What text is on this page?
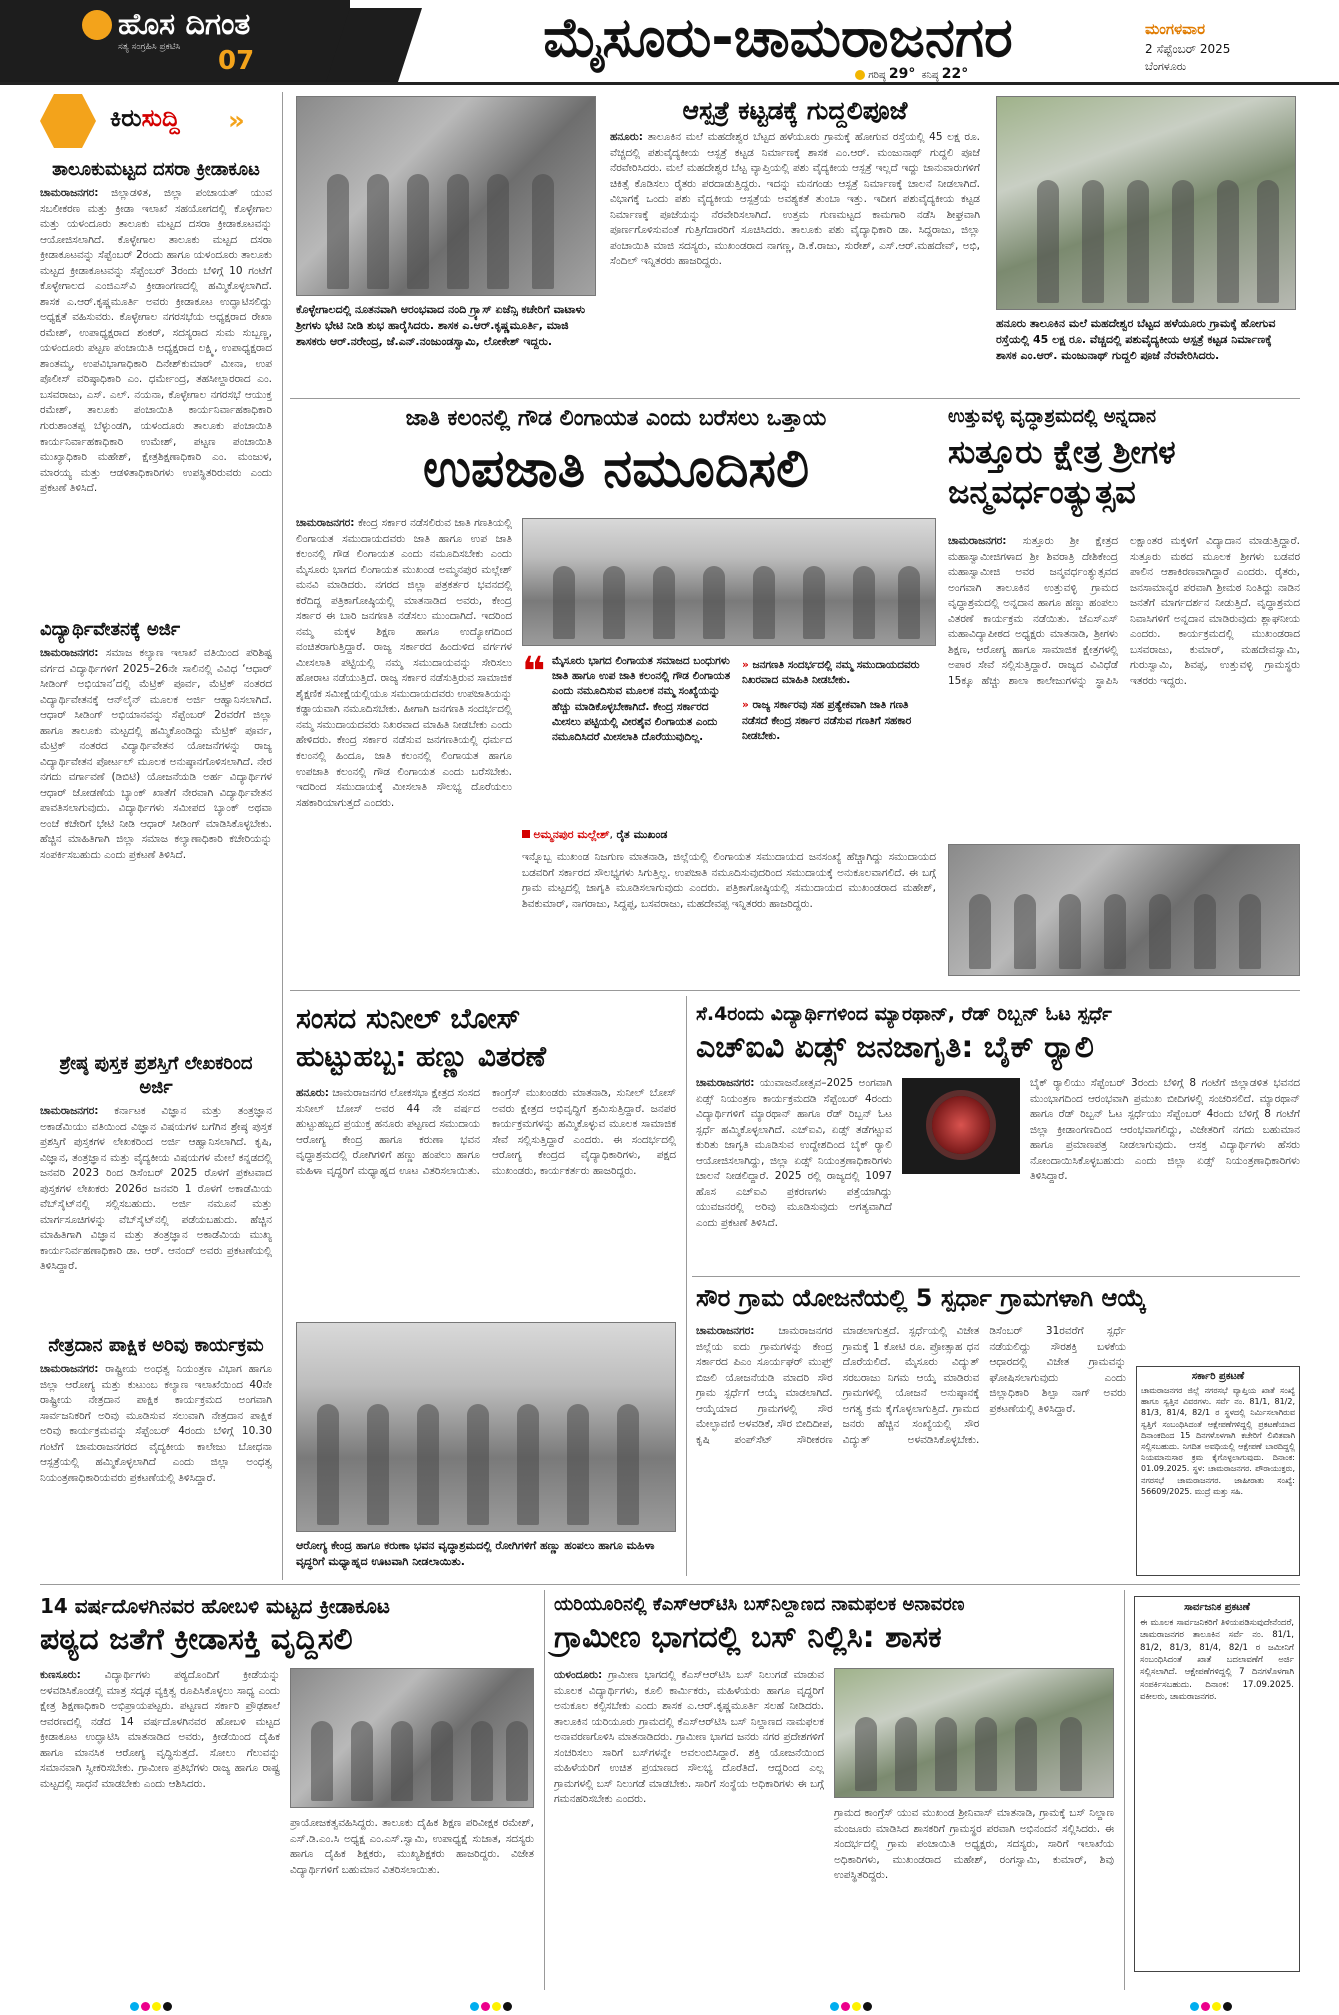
ಹೊಸ ದಿಗಂತ
ಸತ್ಯ ಸಂಗ್ರಹಿಸಿ ಪ್ರಕಟಿಸಿ 07	ಮೈಸೂರು-ಚಾಮರಾಜನಗರ	ಮಂಗಳವಾರ
2 ಸೆಪ್ಟೆಂಬರ್ 2025
ಬೆಂಗಳೂರು
ಗರಿಷ್ಠ 29° ಕನಿಷ್ಠ 22°
ಕಿರುಸುದ್ದಿ »
ತಾಲೂಕುಮಟ್ಟದ ದಸರಾ ಕ್ರೀಡಾಕೂಟ
ಚಾಮರಾಜನಗರ: ಜಿಲ್ಲಾಡಳಿತ, ಜಿಲ್ಲಾ ಪಂಚಾಯತ್ ಯುವ ಸಬಲೀಕರಣ ಮತ್ತು ಕ್ರೀಡಾ ಇಲಾಖೆ ಸಹಯೋಗದಲ್ಲಿ ಕೊಳ್ಳೇಗಾಲ ಮತ್ತು ಯಳಂದೂರು ತಾಲೂಕು ಮಟ್ಟದ ದಸರಾ ಕ್ರೀಡಾಕೂಟವನ್ನು ಆಯೋಜಿಸಲಾಗಿದೆ. ಕೊಳ್ಳೇಗಾಲ ತಾಲೂಕು ಮಟ್ಟದ ದಸರಾ ಕ್ರೀಡಾಕೂಟವನ್ನು ಸೆಪ್ಟೆಂಬರ್ 2ರಂದು ಹಾಗೂ ಯಳಂದೂರು ತಾಲೂಕು ಮಟ್ಟದ ಕ್ರೀಡಾಕೂಟವನ್ನು ಸೆಪ್ಟೆಂಬರ್ 3ರಂದು ಬೆಳಿಗ್ಗೆ 10 ಗಂಟೆಗೆ ಕೊಳ್ಳೇಗಾಲದ ಎಂಜಿಎಸ್‌ವಿ ಕ್ರೀಡಾಂಗಣದಲ್ಲಿ ಹಮ್ಮಿಕೊಳ್ಳಲಾಗಿದೆ. ಶಾಸಕ ಎ.ಆರ್.ಕೃಷ್ಣಮೂರ್ತಿ ಅವರು ಕ್ರೀಡಾಕೂಟ ಉದ್ಘಾಟಿಸಲಿದ್ದು ಅಧ್ಯಕ್ಷತೆ ವಹಿಸುವರು. ಕೊಳ್ಳೇಗಾಲ ನಗರಸಭೆಯ ಅಧ್ಯಕ್ಷರಾದ ರೇಖಾ ರಮೇಶ್, ಉಪಾಧ್ಯಕ್ಷರಾದ ಶಂಕರ್, ಸದಸ್ಯರಾದ ಸುಮ ಸುಬ್ಬಣ್ಣ, ಯಳಂದೂರು ಪಟ್ಟಣ ಪಂಚಾಯಿತಿ ಅಧ್ಯಕ್ಷರಾದ ಲಕ್ಷ್ಮಿ, ಉಪಾಧ್ಯಕ್ಷರಾದ ಶಾಂತಮ್ಮ, ಉಪವಿಭಾಗಾಧಿಕಾರಿ ದಿನೇಶ್‌ಕುಮಾರ್ ಮೀನಾ, ಉಪ ಪೊಲೀಸ್ ವರಿಷ್ಠಾಧಿಕಾರಿ ಎಂ. ಧರ್ಮೇಂದ್ರ, ತಹಸೀಲ್ದಾರರಾದ ಎಂ. ಬಸವರಾಜು, ಎಸ್. ಎಲ್. ನಯನಾ, ಕೊಳ್ಳೇಗಾಲ ನಗರಸಭೆ ಆಯುಕ್ತ ರಮೇಶ್, ತಾಲೂಕು ಪಂಚಾಯಿತಿ ಕಾರ್ಯನಿರ್ವಾಹಕಾಧಿಕಾರಿ ಗುರುಶಾಂತಪ್ಪ ಬೆಳ್ಳುಂಡಗಿ, ಯಳಂದೂರು ತಾಲೂಕು ಪಂಚಾಯಿತಿ ಕಾರ್ಯನಿರ್ವಾಹಕಾಧಿಕಾರಿ ಉಮೇಶ್, ಪಟ್ಟಣ ಪಂಚಾಯಿತಿ ಮುಖ್ಯಾಧಿಕಾರಿ ಮಹೇಶ್, ಕ್ಷೇತ್ರಶಿಕ್ಷಣಾಧಿಕಾರಿ ಎಂ. ಮಂಜುಳ, ಮಾರಯ್ಯ ಮತ್ತು ಆಡಳಿತಾಧಿಕಾರಿಗಳು ಉಪಸ್ಥಿತರಿರುವರು ಎಂದು ಪ್ರಕಟಣೆ ತಿಳಿಸಿದೆ.
ವಿದ್ಯಾರ್ಥಿವೇತನಕ್ಕೆ ಅರ್ಜಿ
ಚಾಮರಾಜನಗರ: ಸಮಾಜ ಕಲ್ಯಾಣ ಇಲಾಖೆ ವತಿಯಿಂದ ಪರಿಶಿಷ್ಟ ವರ್ಗದ ವಿದ್ಯಾರ್ಥಿಗಳಿಗೆ 2025–26ನೇ ಸಾಲಿನಲ್ಲಿ ವಿವಿಧ ‘ಆಧಾರ್ ಸೀಡಿಂಗ್ ಅಭಿಯಾನ’ದಲ್ಲಿ ಮೆಟ್ರಿಕ್ ಪೂರ್ವ, ಮೆಟ್ರಿಕ್ ನಂತರದ ವಿದ್ಯಾರ್ಥಿವೇತನಕ್ಕೆ ಆನ್‌ಲೈನ್ ಮೂಲಕ ಅರ್ಜಿ ಆಹ್ವಾನಿಸಲಾಗಿದೆ. ಆಧಾರ್ ಸೀಡಿಂಗ್ ಅಭಿಯಾನವನ್ನು ಸೆಪ್ಟೆಂಬರ್ 2ರವರೆಗೆ ಜಿಲ್ಲಾ ಹಾಗೂ ತಾಲೂಕು ಮಟ್ಟದಲ್ಲಿ ಹಮ್ಮಿಕೊಂಡಿದ್ದು ಮೆಟ್ರಿಕ್ ಪೂರ್ವ, ಮೆಟ್ರಿಕ್ ನಂತರದ ವಿದ್ಯಾರ್ಥಿವೇತನ ಯೋಜನೆಗಳನ್ನು ರಾಜ್ಯ ವಿದ್ಯಾರ್ಥಿವೇತನ ಪೋರ್ಟಲ್ ಮೂಲಕ ಅನುಷ್ಠಾನಗೊಳಿಸಲಾಗಿದೆ. ನೇರ ನಗದು ವರ್ಗಾವಣೆ (ಡಿಬಿಟಿ) ಯೋಜನೆಯಡಿ ಅರ್ಹ ವಿದ್ಯಾರ್ಥಿಗಳ ಆಧಾರ್ ಜೋಡಣೆಯ ಬ್ಯಾಂಕ್ ಖಾತೆಗೆ ನೇರವಾಗಿ ವಿದ್ಯಾರ್ಥಿವೇತನ ಪಾವತಿಸಲಾಗುವುದು. ವಿದ್ಯಾರ್ಥಿಗಳು ಸಮೀಪದ ಬ್ಯಾಂಕ್ ಅಥವಾ ಅಂಚೆ ಕಚೇರಿಗೆ ಭೇಟಿ ನೀಡಿ ಆಧಾರ್ ಸೀಡಿಂಗ್ ಮಾಡಿಸಿಕೊಳ್ಳಬೇಕು. ಹೆಚ್ಚಿನ ಮಾಹಿತಿಗಾಗಿ ಜಿಲ್ಲಾ ಸಮಾಜ ಕಲ್ಯಾಣಾಧಿಕಾರಿ ಕಚೇರಿಯನ್ನು ಸಂಪರ್ಕಿಸಬಹುದು ಎಂದು ಪ್ರಕಟಣೆ ತಿಳಿಸಿದೆ.
ಶ್ರೇಷ್ಠ ಪುಸ್ತಕ ಪ್ರಶಸ್ತಿಗೆ ಲೇಖಕರಿಂದ ಅರ್ಜಿ
ಚಾಮರಾಜನಗರ: ಕರ್ನಾಟಕ ವಿಜ್ಞಾನ ಮತ್ತು ತಂತ್ರಜ್ಞಾನ ಅಕಾಡೆಮಿಯು ವತಿಯಿಂದ ವಿಜ್ಞಾನ ವಿಷಯಗಳ ಬಗೆಗಿನ ಶ್ರೇಷ್ಠ ಪುಸ್ತಕ ಪ್ರಶಸ್ತಿಗೆ ಪುಸ್ತಕಗಳ ಲೇಖಕರಿಂದ ಅರ್ಜಿ ಆಹ್ವಾನಿಸಲಾಗಿದೆ. ಕೃಷಿ, ವಿಜ್ಞಾನ, ತಂತ್ರಜ್ಞಾನ ಮತ್ತು ವೈದ್ಯಕೀಯ ವಿಷಯಗಳ ಮೇಲೆ ಕನ್ನಡದಲ್ಲಿ ಜನವರಿ 2023 ರಿಂದ ಡಿಸೆಂಬರ್ 2025 ರೊಳಗೆ ಪ್ರಕಟವಾದ ಪುಸ್ತಕಗಳ ಲೇಖಕರು 2026ರ ಜನವರಿ 1 ರೊಳಗೆ ಅಕಾಡೆಮಿಯ ವೆಬ್‌ಸೈಟ್‌ನಲ್ಲಿ ಸಲ್ಲಿಸಬಹುದು. ಅರ್ಜಿ ನಮೂನೆ ಮತ್ತು ಮಾರ್ಗಸೂಚಿಗಳನ್ನು ವೆಬ್‌ಸೈಟ್‌ನಲ್ಲಿ ಪಡೆಯಬಹುದು. ಹೆಚ್ಚಿನ ಮಾಹಿತಿಗಾಗಿ ವಿಜ್ಞಾನ ಮತ್ತು ತಂತ್ರಜ್ಞಾನ ಅಕಾಡೆಮಿಯ ಮುಖ್ಯ ಕಾರ್ಯನಿರ್ವಹಣಾಧಿಕಾರಿ ಡಾ. ಆರ್. ಆನಂದ್ ಅವರು ಪ್ರಕಟಣೆಯಲ್ಲಿ ತಿಳಿಸಿದ್ದಾರೆ.
ನೇತ್ರದಾನ ಪಾಕ್ಷಿಕ ಅರಿವು ಕಾರ್ಯಕ್ರಮ
ಚಾಮರಾಜನಗರ: ರಾಷ್ಟ್ರೀಯ ಅಂಧತ್ವ ನಿಯಂತ್ರಣ ವಿಭಾಗ ಹಾಗೂ ಜಿಲ್ಲಾ ಆರೋಗ್ಯ ಮತ್ತು ಕುಟುಂಬ ಕಲ್ಯಾಣ ಇಲಾಖೆಯಿಂದ 40ನೇ ರಾಷ್ಟ್ರೀಯ ನೇತ್ರದಾನ ಪಾಕ್ಷಿಕ ಕಾರ್ಯಕ್ರಮದ ಅಂಗವಾಗಿ ಸಾರ್ವಜನಿಕರಿಗೆ ಅರಿವು ಮೂಡಿಸುವ ಸಲುವಾಗಿ ನೇತ್ರದಾನ ಪಾಕ್ಷಿಕ ಅರಿವು ಕಾರ್ಯಕ್ರಮವನ್ನು ಸೆಪ್ಟೆಂಬರ್ 4ರಂದು ಬೆಳಿಗ್ಗೆ 10.30 ಗಂಟೆಗೆ ಚಾಮರಾಜನಗರದ ವೈದ್ಯಕೀಯ ಕಾಲೇಜು ಬೋಧನಾ ಆಸ್ಪತ್ರೆಯಲ್ಲಿ ಹಮ್ಮಿಕೊಳ್ಳಲಾಗಿದೆ ಎಂದು ಜಿಲ್ಲಾ ಅಂಧತ್ವ ನಿಯಂತ್ರಣಾಧಿಕಾರಿಯವರು ಪ್ರಕಟಣೆಯಲ್ಲಿ ತಿಳಿಸಿದ್ದಾರೆ.
ಕೊಳ್ಳೇಗಾಲದಲ್ಲಿ ನೂತನವಾಗಿ ಆರಂಭವಾದ ನಂದಿ ಗ್ರ್ಯಾಸ್ ಏಜೆನ್ಸಿ ಕಚೇರಿಗೆ ವಾಟಾಳು ಶ್ರೀಗಳು ಭೇಟಿ ನೀಡಿ ಶುಭ ಹಾರೈಸಿದರು. ಶಾಸಕ ಎ.ಆರ್.ಕೃಷ್ಣಮೂರ್ತಿ, ಮಾಜಿ ಶಾಸಕರು ಆರ್.ನರೇಂದ್ರ, ಜೆ.ಎನ್.ನಂಜುಂಡಸ್ವಾಮಿ, ಲೋಕೇಶ್ ಇದ್ದರು.
ಆಸ್ಪತ್ರೆ ಕಟ್ಟಡಕ್ಕೆ ಗುದ್ದಲಿಪೂಜೆ
ಹನೂರು: ತಾಲೂಕಿನ ಮಲೆ ಮಹದೇಶ್ವರ ಬೆಟ್ಟದ ಹಳೆಯೂರು ಗ್ರಾಮಕ್ಕೆ ಹೋಗುವ ರಸ್ತೆಯಲ್ಲಿ 45 ಲಕ್ಷ ರೂ. ವೆಚ್ಚದಲ್ಲಿ ಪಶುವೈದ್ಯಕೀಯ ಆಸ್ಪತ್ರೆ ಕಟ್ಟಡ ನಿರ್ಮಾಣಕ್ಕೆ ಶಾಸಕ ಎಂ.ಆರ್. ಮಂಜುನಾಥ್ ಗುದ್ದಲಿ ಪೂಜೆ ನೆರವೇರಿಸಿದರು. ಮಲೆ ಮಹದೇಶ್ವರ ಬೆಟ್ಟ ವ್ಯಾಪ್ತಿಯಲ್ಲಿ ಪಶು ವೈದ್ಯಕೀಯ ಆಸ್ಪತ್ರೆ ಇಲ್ಲದೆ ಇದ್ದು ಜಾನುವಾರುಗಳಿಗೆ ಚಿಕಿತ್ಸೆ ಕೊಡಿಸಲು ರೈತರು ಪರದಾಡುತ್ತಿದ್ದರು. ಇದನ್ನು ಮನಗಂಡು ಆಸ್ಪತ್ರೆ ನಿರ್ಮಾಣಕ್ಕೆ ಚಾಲನೆ ನೀಡಲಾಗಿದೆ. ವಿಭಾಗಕ್ಕೆ ಒಂದು ಪಶು ವೈದ್ಯಕೀಯ ಆಸ್ಪತ್ರೆಯ ಅವಶ್ಯಕತೆ ತುಂಬಾ ಇತ್ತು. ಇದೀಗ ಪಶುವೈದ್ಯಕೀಯ ಕಟ್ಟಡ ನಿರ್ಮಾಣಕ್ಕೆ ಪೂಜೆಯನ್ನು ನೆರವೇರಿಸಲಾಗಿದೆ. ಉತ್ತಮ ಗುಣಮಟ್ಟದ ಕಾಮಗಾರಿ ನಡೆಸಿ ಶೀಘ್ರವಾಗಿ ಪೂರ್ಣಗೊಳಿಸುವಂತೆ ಗುತ್ತಿಗೆದಾರರಿಗೆ ಸೂಚಿಸಿದರು. ತಾಲೂಕು ಪಶು ವೈದ್ಯಾಧಿಕಾರಿ ಡಾ. ಸಿದ್ದರಾಜು, ಜಿಲ್ಲಾ ಪಂಚಾಯಿತಿ ಮಾಜಿ ಸದಸ್ಯರು, ಮುಖಂಡರಾದ ನಾಗಣ್ಣ, ಡಿ.ಕೆ.ರಾಜು, ಸುರೇಶ್, ಎಸ್.ಆರ್.ಮಹದೇವ್, ಅಭಿ, ಸೆಂದಿಲ್ ಇನ್ನಿತರರು ಹಾಜರಿದ್ದರು.
ಹನೂರು ತಾಲೂಕಿನ ಮಲೆ ಮಹದೇಶ್ವರ ಬೆಟ್ಟದ ಹಳೆಯೂರು ಗ್ರಾಮಕ್ಕೆ ಹೋಗುವ ರಸ್ತೆಯಲ್ಲಿ 45 ಲಕ್ಷ ರೂ. ವೆಚ್ಚದಲ್ಲಿ ಪಶುವೈದ್ಯಕೀಯ ಆಸ್ಪತ್ರೆ ಕಟ್ಟಡ ನಿರ್ಮಾಣಕ್ಕೆ ಶಾಸಕ ಎಂ.ಆರ್. ಮಂಜುನಾಥ್ ಗುದ್ದಲಿ ಪೂಜೆ ನೆರವೇರಿಸಿದರು.
ಜಾತಿ ಕಲಂನಲ್ಲಿ ಗೌಡ ಲಿಂಗಾಯತ ಎಂದು ಬರೆಸಲು ಒತ್ತಾಯ
ಉಪಜಾತಿ ನಮೂದಿಸಲಿ
ಚಾಮರಾಜನಗರ: ಕೇಂದ್ರ ಸರ್ಕಾರ ನಡೆಸಲಿರುವ ಜಾತಿ ಗಣತಿಯಲ್ಲಿ ಲಿಂಗಾಯತ ಸಮುದಾಯದವರು ಜಾತಿ ಹಾಗೂ ಉಪ ಜಾತಿ ಕಲಂನಲ್ಲಿ ಗೌಡ ಲಿಂಗಾಯತ ಎಂದು ನಮೂದಿಸಬೇಕು ಎಂದು ಮೈಸೂರು ಭಾಗದ ಲಿಂಗಾಯತ ಮುಖಂಡ ಅಮ್ಮನಪುರ ಮಲ್ಲೇಶ್ ಮನವಿ ಮಾಡಿದರು. ನಗರದ ಜಿಲ್ಲಾ ಪತ್ರಕರ್ತರ ಭವನದಲ್ಲಿ ಕರೆದಿದ್ದ ಪತ್ರಿಕಾಗೋಷ್ಠಿಯಲ್ಲಿ ಮಾತನಾಡಿದ ಅವರು, ಕೇಂದ್ರ ಸರ್ಕಾರ ಈ ಬಾರಿ ಜನಗಣತಿ ನಡೆಸಲು ಮುಂದಾಗಿದೆ. ಇದರಿಂದ ನಮ್ಮ ಮಕ್ಕಳ ಶಿಕ್ಷಣ ಹಾಗೂ ಉದ್ಯೋಗದಿಂದ ವಂಚಿತರಾಗುತ್ತಿದ್ದಾರೆ. ರಾಜ್ಯ ಸರ್ಕಾರದ ಹಿಂದುಳಿದ ವರ್ಗಗಳ ಮೀಸಲಾತಿ ಪಟ್ಟಿಯಲ್ಲಿ ನಮ್ಮ ಸಮುದಾಯವನ್ನು ಸೇರಿಸಲು ಹೋರಾಟ ನಡೆಯುತ್ತಿದೆ. ರಾಜ್ಯ ಸರ್ಕಾರ ನಡೆಸುತ್ತಿರುವ ಸಾಮಾಜಿಕ ಶೈಕ್ಷಣಿಕ ಸಮೀಕ್ಷೆಯಲ್ಲಿಯೂ ಸಮುದಾಯದವರು ಉಪಜಾತಿಯನ್ನು ಕಡ್ಡಾಯವಾಗಿ ನಮೂದಿಸಬೇಕು. ಹೀಗಾಗಿ ಜನಗಣತಿ ಸಂದರ್ಭದಲ್ಲಿ ನಮ್ಮ ಸಮುದಾಯದವರು ನಿಖರವಾದ ಮಾಹಿತಿ ನೀಡಬೇಕು ಎಂದು ಹೇಳಿದರು. ಕೇಂದ್ರ ಸರ್ಕಾರ ನಡೆಸುವ ಜನಗಣತಿಯಲ್ಲಿ ಧರ್ಮದ ಕಲಂನಲ್ಲಿ ಹಿಂದೂ, ಜಾತಿ ಕಲಂನಲ್ಲಿ ಲಿಂಗಾಯತ ಹಾಗೂ ಉಪಜಾತಿ ಕಲಂನಲ್ಲಿ ಗೌಡ ಲಿಂಗಾಯತ ಎಂದು ಬರೆಸಬೇಕು. ಇದರಿಂದ ಸಮುದಾಯಕ್ಕೆ ಮೀಸಲಾತಿ ಸೌಲಭ್ಯ ದೊರೆಯಲು ಸಹಕಾರಿಯಾಗುತ್ತದೆ ಎಂದರು.
❝ ಮೈಸೂರು ಭಾಗದ ಲಿಂಗಾಯತ ಸಮಾಜದ ಬಂಧುಗಳು ಜಾತಿ ಹಾಗೂ ಉಪ ಜಾತಿ ಕಲಂನಲ್ಲಿ ಗೌಡ ಲಿಂಗಾಯತ ಎಂದು ನಮೂದಿಸುವ ಮೂಲಕ ನಮ್ಮ ಸಂಖ್ಯೆಯನ್ನು ಹೆಚ್ಚು ಮಾಡಿಕೊಳ್ಳಬೇಕಾಗಿದೆ. ಕೇಂದ್ರ ಸರ್ಕಾರದ ಮೀಸಲು ಪಟ್ಟಿಯಲ್ಲಿ ವೀರಶೈವ ಲಿಂಗಾಯತ ಎಂದು ನಮೂದಿಸಿದರೆ ಮೀಸಲಾತಿ ದೊರೆಯುವುದಿಲ್ಲ.
ಅಮ್ಮನಪುರ ಮಲ್ಲೇಶ್, ರೈತ ಮುಖಂಡ
» ಜನಗಣತಿ ಸಂದರ್ಭದಲ್ಲಿ ನಮ್ಮ ಸಮುದಾಯದವರು ನಿಖರವಾದ ಮಾಹಿತಿ ನೀಡಬೇಕು.
» ರಾಜ್ಯ ಸರ್ಕಾರವು ಸಹ ಪ್ರತ್ಯೇಕವಾಗಿ ಜಾತಿ ಗಣತಿ ನಡೆಸದೆ ಕೇಂದ್ರ ಸರ್ಕಾರ ನಡೆಸುವ ಗಣತಿಗೆ ಸಹಕಾರ ನೀಡಬೇಕು.
ಇನ್ನೊಬ್ಬ ಮುಖಂಡ ನಿಜಗುಣ ಮಾತನಾಡಿ, ಜಿಲ್ಲೆಯಲ್ಲಿ ಲಿಂಗಾಯತ ಸಮುದಾಯದ ಜನಸಂಖ್ಯೆ ಹೆಚ್ಚಾಗಿದ್ದು ಸಮುದಾಯದ ಬಡವರಿಗೆ ಸರ್ಕಾರದ ಸೌಲಭ್ಯಗಳು ಸಿಗುತ್ತಿಲ್ಲ. ಉಪಜಾತಿ ನಮೂದಿಸುವುದರಿಂದ ಸಮುದಾಯಕ್ಕೆ ಅನುಕೂಲವಾಗಲಿದೆ. ಈ ಬಗ್ಗೆ ಗ್ರಾಮ ಮಟ್ಟದಲ್ಲಿ ಜಾಗೃತಿ ಮೂಡಿಸಲಾಗುವುದು ಎಂದರು. ಪತ್ರಿಕಾಗೋಷ್ಠಿಯಲ್ಲಿ ಸಮುದಾಯದ ಮುಖಂಡರಾದ ಮಹೇಶ್, ಶಿವಕುಮಾರ್, ನಾಗರಾಜು, ಸಿದ್ದಪ್ಪ, ಬಸವರಾಜು, ಮಹದೇವಪ್ಪ ಇನ್ನಿತರರು ಹಾಜರಿದ್ದರು.
ಉತ್ತುವಳ್ಳಿ ವೃದ್ಧಾಶ್ರಮದಲ್ಲಿ ಅನ್ನದಾನ
ಸುತ್ತೂರು ಕ್ಷೇತ್ರ ಶ್ರೀಗಳ ಜನ್ಮವರ್ಧಂತ್ಯುತ್ಸವ
ಚಾಮರಾಜನಗರ: ಸುತ್ತೂರು ಶ್ರೀ ಕ್ಷೇತ್ರದ ಮಹಾಸ್ವಾಮೀಜಿಗಳಾದ ಶ್ರೀ ಶಿವರಾತ್ರಿ ದೇಶಿಕೇಂದ್ರ ಮಹಾಸ್ವಾಮೀಜಿ ಅವರ ಜನ್ಮವರ್ಧಂತ್ಯುತ್ಸವದ ಅಂಗವಾಗಿ ತಾಲೂಕಿನ ಉತ್ತುವಳ್ಳಿ ಗ್ರಾಮದ ವೃದ್ಧಾಶ್ರಮದಲ್ಲಿ ಅನ್ನದಾನ ಹಾಗೂ ಹಣ್ಣು ಹಂಪಲು ವಿತರಣೆ ಕಾರ್ಯಕ್ರಮ ನಡೆಯಿತು. ಜೆಎಸ್‌ಎಸ್ ಮಹಾವಿದ್ಯಾಪೀಠದ ಅಧ್ಯಕ್ಷರು ಮಾತನಾಡಿ, ಶ್ರೀಗಳು ಶಿಕ್ಷಣ, ಆರೋಗ್ಯ ಹಾಗೂ ಸಾಮಾಜಿಕ ಕ್ಷೇತ್ರಗಳಲ್ಲಿ ಅಪಾರ ಸೇವೆ ಸಲ್ಲಿಸುತ್ತಿದ್ದಾರೆ. ರಾಜ್ಯದ ವಿವಿಧೆಡೆ 15ಕ್ಕೂ ಹೆಚ್ಚು ಶಾಲಾ ಕಾಲೇಜುಗಳನ್ನು ಸ್ಥಾಪಿಸಿ ಲಕ್ಷಾಂತರ ಮಕ್ಕಳಿಗೆ ವಿದ್ಯಾದಾನ ಮಾಡುತ್ತಿದ್ದಾರೆ. ಸುತ್ತೂರು ಮಠದ ಮೂಲಕ ಶ್ರೀಗಳು ಬಡವರ ಪಾಲಿನ ಆಶಾಕಿರಣವಾಗಿದ್ದಾರೆ ಎಂದರು. ರೈತರು, ಜನಸಾಮಾನ್ಯರ ಪರವಾಗಿ ಶ್ರೀಮಠ ನಿಂತಿದ್ದು ನಾಡಿನ ಜನತೆಗೆ ಮಾರ್ಗದರ್ಶನ ನೀಡುತ್ತಿದೆ. ವೃದ್ಧಾಶ್ರಮದ ನಿವಾಸಿಗಳಿಗೆ ಅನ್ನದಾನ ಮಾಡಿರುವುದು ಶ್ಲಾಘನೀಯ ಎಂದರು. ಕಾರ್ಯಕ್ರಮದಲ್ಲಿ ಮುಖಂಡರಾದ ಬಸವರಾಜು, ಕುಮಾರ್, ಮಹದೇವಸ್ವಾಮಿ, ಗುರುಸ್ವಾಮಿ, ಶಿವಪ್ಪ, ಉತ್ತುವಳ್ಳಿ ಗ್ರಾಮಸ್ಥರು ಇತರರು ಇದ್ದರು.
ಸಂಸದ ಸುನೀಲ್ ಬೋಸ್
ಹುಟ್ಟುಹಬ್ಬ: ಹಣ್ಣು ವಿತರಣೆ
ಹನೂರು: ಚಾಮರಾಜನಗರ ಲೋಕಸಭಾ ಕ್ಷೇತ್ರದ ಸಂಸದ ಸುನೀಲ್ ಬೋಸ್ ಅವರ 44 ನೇ ವರ್ಷದ ಹುಟ್ಟುಹಬ್ಬದ ಪ್ರಯುಕ್ತ ಹನೂರು ಪಟ್ಟಣದ ಸಮುದಾಯ ಆರೋಗ್ಯ ಕೇಂದ್ರ ಹಾಗೂ ಕರುಣಾ ಭವನ ವೃದ್ಧಾಶ್ರಮದಲ್ಲಿ ರೋಗಿಗಳಿಗೆ ಹಣ್ಣು ಹಂಪಲು ಹಾಗೂ ಮಹಿಳಾ ವೃದ್ಧರಿಗೆ ಮಧ್ಯಾಹ್ನದ ಊಟ ವಿತರಿಸಲಾಯಿತು. ಕಾಂಗ್ರೆಸ್ ಮುಖಂಡರು ಮಾತನಾಡಿ, ಸುನೀಲ್ ಬೋಸ್ ಅವರು ಕ್ಷೇತ್ರದ ಅಭಿವೃದ್ಧಿಗೆ ಶ್ರಮಿಸುತ್ತಿದ್ದಾರೆ. ಜನಪರ ಕಾರ್ಯಕ್ರಮಗಳನ್ನು ಹಮ್ಮಿಕೊಳ್ಳುವ ಮೂಲಕ ಸಾಮಾಜಿಕ ಸೇವೆ ಸಲ್ಲಿಸುತ್ತಿದ್ದಾರೆ ಎಂದರು. ಈ ಸಂದರ್ಭದಲ್ಲಿ ಆರೋಗ್ಯ ಕೇಂದ್ರದ ವೈದ್ಯಾಧಿಕಾರಿಗಳು, ಪಕ್ಷದ ಮುಖಂಡರು, ಕಾರ್ಯಕರ್ತರು ಹಾಜರಿದ್ದರು.
ಆರೋಗ್ಯ ಕೇಂದ್ರ ಹಾಗೂ ಕರುಣಾ ಭವನ ವೃದ್ಧಾಶ್ರಮದಲ್ಲಿ ರೋಗಿಗಳಿಗೆ ಹಣ್ಣು ಹಂಪಲು ಹಾಗೂ ಮಹಿಳಾ ವೃದ್ಧರಿಗೆ ಮಧ್ಯಾಹ್ನದ ಊಟವಾಗಿ ನೀಡಲಾಯಿತು.
ಸೆ.4ರಂದು ವಿದ್ಯಾರ್ಥಿಗಳಿಂದ ಮ್ಯಾರಥಾನ್, ರೆಡ್ ರಿಬ್ಬನ್ ಓಟ ಸ್ಪರ್ಧೆ
ಎಚ್‌ಐವಿ ಏಡ್ಸ್ ಜನಜಾಗೃತಿ: ಬೈಕ್ ರ‍್ಯಾಲಿ
ಚಾಮರಾಜನಗರ: ಯುವಾಜನೋತ್ಸವ–2025 ಅಂಗವಾಗಿ ಏಡ್ಸ್ ನಿಯಂತ್ರಣ ಕಾರ್ಯಕ್ರಮದಡಿ ಸೆಪ್ಟೆಂಬರ್ 4ರಂದು ವಿದ್ಯಾರ್ಥಿಗಳಿಗೆ ಮ್ಯಾರಥಾನ್ ಹಾಗೂ ರೆಡ್ ರಿಬ್ಬನ್ ಓಟ ಸ್ಪರ್ಧೆ ಹಮ್ಮಿಕೊಳ್ಳಲಾಗಿದೆ. ಎಚ್‌ಐವಿ, ಏಡ್ಸ್ ತಡೆಗಟ್ಟುವ ಕುರಿತು ಜಾಗೃತಿ ಮೂಡಿಸುವ ಉದ್ದೇಶದಿಂದ ಬೈಕ್ ರ‍್ಯಾಲಿ ಆಯೋಜಿಸಲಾಗಿದ್ದು, ಜಿಲ್ಲಾ ಏಡ್ಸ್ ನಿಯಂತ್ರಣಾಧಿಕಾರಿಗಳು ಚಾಲನೆ ನೀಡಲಿದ್ದಾರೆ. 2025 ರಲ್ಲಿ ರಾಜ್ಯದಲ್ಲಿ 1097 ಹೊಸ ಎಚ್‌ಐವಿ ಪ್ರಕರಣಗಳು ಪತ್ತೆಯಾಗಿದ್ದು ಯುವಜನರಲ್ಲಿ ಅರಿವು ಮೂಡಿಸುವುದು ಅಗತ್ಯವಾಗಿದೆ ಎಂದು ಪ್ರಕಟಣೆ ತಿಳಿಸಿದೆ.
ಬೈಕ್ ರ‍್ಯಾಲಿಯು ಸೆಪ್ಟೆಂಬರ್ 3ರಂದು ಬೆಳಿಗ್ಗೆ 8 ಗಂಟೆಗೆ ಜಿಲ್ಲಾಡಳಿತ ಭವನದ ಮುಂಭಾಗದಿಂದ ಆರಂಭವಾಗಿ ಪ್ರಮುಖ ಬೀದಿಗಳಲ್ಲಿ ಸಂಚರಿಸಲಿದೆ. ಮ್ಯಾರಥಾನ್ ಹಾಗೂ ರೆಡ್ ರಿಬ್ಬನ್ ಓಟ ಸ್ಪರ್ಧೆಯು ಸೆಪ್ಟೆಂಬರ್ 4ರಂದು ಬೆಳಿಗ್ಗೆ 8 ಗಂಟೆಗೆ ಜಿಲ್ಲಾ ಕ್ರೀಡಾಂಗಣದಿಂದ ಆರಂಭವಾಗಲಿದ್ದು, ವಿಜೇತರಿಗೆ ನಗದು ಬಹುಮಾನ ಹಾಗೂ ಪ್ರಮಾಣಪತ್ರ ನೀಡಲಾಗುವುದು. ಆಸಕ್ತ ವಿದ್ಯಾರ್ಥಿಗಳು ಹೆಸರು ನೋಂದಾಯಿಸಿಕೊಳ್ಳಬಹುದು ಎಂದು ಜಿಲ್ಲಾ ಏಡ್ಸ್ ನಿಯಂತ್ರಣಾಧಿಕಾರಿಗಳು ತಿಳಿಸಿದ್ದಾರೆ.
ಸೌರ ಗ್ರಾಮ ಯೋಜನೆಯಲ್ಲಿ 5 ಸ್ಪರ್ಧಾ ಗ್ರಾಮಗಳಾಗಿ ಆಯ್ಕೆ
ಚಾಮರಾಜನಗರ: ಚಾಮರಾಜನಗರ ಜಿಲ್ಲೆಯ ಐದು ಗ್ರಾಮಗಳನ್ನು ಕೇಂದ್ರ ಸರ್ಕಾರದ ಪಿಎಂ ಸೂರ್ಯಘರ್ ಮುಫ್ತ್ ಬಿಜಲಿ ಯೋಜನೆಯಡಿ ಮಾದರಿ ಸೌರ ಗ್ರಾಮ ಸ್ಪರ್ಧೆಗೆ ಆಯ್ಕೆ ಮಾಡಲಾಗಿದೆ. ಆಯ್ಕೆಯಾದ ಗ್ರಾಮಗಳಲ್ಲಿ ಸೌರ ಮೇಲ್ಛಾವಣಿ ಅಳವಡಿಕೆ, ಸೌರ ಬೀದಿದೀಪ, ಕೃಷಿ ಪಂಪ್‌ಸೆಟ್ ಸೌರೀಕರಣ ಮಾಡಲಾಗುತ್ತದೆ. ಸ್ಪರ್ಧೆಯಲ್ಲಿ ವಿಜೇತ ಗ್ರಾಮಕ್ಕೆ 1 ಕೋಟಿ ರೂ. ಪ್ರೋತ್ಸಾಹ ಧನ ದೊರೆಯಲಿದೆ. ಮೈಸೂರು ವಿದ್ಯುತ್ ಸರಬರಾಜು ನಿಗಮ ಆಯ್ಕೆ ಮಾಡಿರುವ ಗ್ರಾಮಗಳಲ್ಲಿ ಯೋಜನೆ ಅನುಷ್ಠಾನಕ್ಕೆ ಅಗತ್ಯ ಕ್ರಮ ಕೈಗೊಳ್ಳಲಾಗುತ್ತಿದೆ. ಗ್ರಾಮದ ಜನರು ಹೆಚ್ಚಿನ ಸಂಖ್ಯೆಯಲ್ಲಿ ಸೌರ ವಿದ್ಯುತ್ ಅಳವಡಿಸಿಕೊಳ್ಳಬೇಕು. ಡಿಸೆಂಬರ್ 31ರವರೆಗೆ ಸ್ಪರ್ಧೆ ನಡೆಯಲಿದ್ದು ಸೌರಶಕ್ತಿ ಬಳಕೆಯ ಆಧಾರದಲ್ಲಿ ವಿಜೇತ ಗ್ರಾಮವನ್ನು ಘೋಷಿಸಲಾಗುವುದು ಎಂದು ಜಿಲ್ಲಾಧಿಕಾರಿ ಶಿಲ್ಪಾ ನಾಗ್ ಅವರು ಪ್ರಕಟಣೆಯಲ್ಲಿ ತಿಳಿಸಿದ್ದಾರೆ.
ಸರ್ಕಾರಿ ಪ್ರಕಟಣೆ
ಚಾಮರಾಜನಗರ ಜಿಲ್ಲೆ ನಗರಸಭೆ ವ್ಯಾಪ್ತಿಯ ಖಾತೆ ಸಂಖ್ಯೆ ಹಾಗೂ ಸ್ವತ್ತಿನ ವಿವರಗಳು. ಸರ್ವೆ ನಂ. 81/1, 81/2, 81/3, 81/4, 82/1 ರ ಸ್ಥಳದಲ್ಲಿ ನಿರ್ಮಿಸಲಾಗಿರುವ ಸ್ವತ್ತಿಗೆ ಸಂಬಂಧಿಸಿದಂತೆ ಆಕ್ಷೇಪಣೆಗಳಿದ್ದಲ್ಲಿ ಪ್ರಕಟಣೆಯಾದ ದಿನಾಂಕದಿಂದ 15 ದಿನಗಳೊಳಗಾಗಿ ಕಚೇರಿಗೆ ಲಿಖಿತವಾಗಿ ಸಲ್ಲಿಸಬಹುದು. ನಿಗದಿತ ಅವಧಿಯಲ್ಲಿ ಆಕ್ಷೇಪಣೆ ಬಾರದಿದ್ದಲ್ಲಿ ನಿಯಮಾನುಸಾರ ಕ್ರಮ ಕೈಗೊಳ್ಳಲಾಗುವುದು. ದಿನಾಂಕ: 01.09.2025. ಸ್ಥಳ: ಚಾಮರಾಜನಗರ. ಪೌರಾಯುಕ್ತರು, ನಗರಸಭೆ ಚಾಮರಾಜನಗರ. ಜಾಹೀರಾತು ಸಂಖ್ಯೆ: 56609/2025. ಮುದ್ರೆ ಮತ್ತು ಸಹಿ.
14 ವರ್ಷದೊಳಗಿನವರ ಹೋಬಳಿ ಮಟ್ಟದ ಕ್ರೀಡಾಕೂಟ
ಪಠ್ಯದ ಜತೆಗೆ ಕ್ರೀಡಾಸಕ್ತಿ ವೃದ್ದಿಸಲಿ
ಕುಣಸೂರು: ವಿದ್ಯಾರ್ಥಿಗಳು ಪಠ್ಯದೊಂದಿಗೆ ಕ್ರೀಡೆಯನ್ನು ಅಳವಡಿಸಿಕೊಂಡಲ್ಲಿ ಮಾತ್ರ ಸದೃಢ ವ್ಯಕ್ತಿತ್ವ ರೂಪಿಸಿಕೊಳ್ಳಲು ಸಾಧ್ಯ ಎಂದು ಕ್ಷೇತ್ರ ಶಿಕ್ಷಣಾಧಿಕಾರಿ ಅಭಿಪ್ರಾಯಪಟ್ಟರು. ಪಟ್ಟಣದ ಸರ್ಕಾರಿ ಪ್ರೌಢಶಾಲೆ ಆವರಣದಲ್ಲಿ ನಡೆದ 14 ವರ್ಷದೊಳಗಿನವರ ಹೋಬಳಿ ಮಟ್ಟದ ಕ್ರೀಡಾಕೂಟ ಉದ್ಘಾಟಿಸಿ ಮಾತನಾಡಿದ ಅವರು, ಕ್ರೀಡೆಯಿಂದ ದೈಹಿಕ ಹಾಗೂ ಮಾನಸಿಕ ಆರೋಗ್ಯ ವೃದ್ಧಿಸುತ್ತದೆ. ಸೋಲು ಗೆಲುವನ್ನು ಸಮಾನವಾಗಿ ಸ್ವೀಕರಿಸಬೇಕು. ಗ್ರಾಮೀಣ ಪ್ರತಿಭೆಗಳು ರಾಜ್ಯ ಹಾಗೂ ರಾಷ್ಟ್ರ ಮಟ್ಟದಲ್ಲಿ ಸಾಧನೆ ಮಾಡಬೇಕು ಎಂದು ಆಶಿಸಿದರು.
ಪ್ರಾಯೋಜಕತ್ವವಹಿಸಿದ್ದರು. ತಾಲೂಕು ದೈಹಿಕ ಶಿಕ್ಷಣ ಪರಿವೀಕ್ಷಕ ರಮೇಶ್, ಎಸ್.ಡಿ.ಎಂ.ಸಿ ಅಧ್ಯಕ್ಷ ಎಂ.ಎಸ್.ಸ್ವಾಮಿ, ಉಪಾಧ್ಯಕ್ಷೆ ಸುಜಾತ, ಸದಸ್ಯರು ಹಾಗೂ ದೈಹಿಕ ಶಿಕ್ಷಕರು, ಮುಖ್ಯಶಿಕ್ಷಕರು ಹಾಜರಿದ್ದರು. ವಿಜೇತ ವಿದ್ಯಾರ್ಥಿಗಳಿಗೆ ಬಹುಮಾನ ವಿತರಿಸಲಾಯಿತು.
ಯರಿಯೂರಿನಲ್ಲಿ ಕೆಎಸ್‌ಆರ್‌ಟಿಸಿ ಬಸ್‌ನಿಲ್ದಾಣದ ನಾಮಫಲಕ ಅನಾವರಣ
ಗ್ರಾಮೀಣ ಭಾಗದಲ್ಲಿ ಬಸ್ ನಿಲ್ಲಿಸಿ: ಶಾಸಕ
ಯಳಂದೂರು: ಗ್ರಾಮೀಣ ಭಾಗದಲ್ಲಿ ಕೆಎಸ್‌ಆರ್‌ಟಿಸಿ ಬಸ್ ನಿಲುಗಡೆ ಮಾಡುವ ಮೂಲಕ ವಿದ್ಯಾರ್ಥಿಗಳು, ಕೂಲಿ ಕಾರ್ಮಿಕರು, ಮಹಿಳೆಯರು ಹಾಗೂ ವೃದ್ಧರಿಗೆ ಅನುಕೂಲ ಕಲ್ಪಿಸಬೇಕು ಎಂದು ಶಾಸಕ ಎ.ಆರ್.ಕೃಷ್ಣಮೂರ್ತಿ ಸಲಹೆ ನೀಡಿದರು. ತಾಲೂಕಿನ ಯರಿಯೂರು ಗ್ರಾಮದಲ್ಲಿ ಕೆಎಸ್‌ಆರ್‌ಟಿಸಿ ಬಸ್ ನಿಲ್ದಾಣದ ನಾಮಫಲಕ ಅನಾವರಣಗೊಳಿಸಿ ಮಾತನಾಡಿದರು. ಗ್ರಾಮೀಣ ಭಾಗದ ಜನರು ನಗರ ಪ್ರದೇಶಗಳಿಗೆ ಸಂಚರಿಸಲು ಸಾರಿಗೆ ಬಸ್‌ಗಳನ್ನೇ ಅವಲಂಬಿಸಿದ್ದಾರೆ. ಶಕ್ತಿ ಯೋಜನೆಯಿಂದ ಮಹಿಳೆಯರಿಗೆ ಉಚಿತ ಪ್ರಯಾಣದ ಸೌಲಭ್ಯ ದೊರೆತಿದೆ. ಆದ್ದರಿಂದ ಎಲ್ಲ ಗ್ರಾಮಗಳಲ್ಲಿ ಬಸ್ ನಿಲುಗಡೆ ಮಾಡಬೇಕು. ಸಾರಿಗೆ ಸಂಸ್ಥೆಯ ಅಧಿಕಾರಿಗಳು ಈ ಬಗ್ಗೆ ಗಮನಹರಿಸಬೇಕು ಎಂದರು.
ಗ್ರಾಮದ ಕಾಂಗ್ರೆಸ್ ಯುವ ಮುಖಂಡ ಶ್ರೀನಿವಾಸ್ ಮಾತನಾಡಿ, ಗ್ರಾಮಕ್ಕೆ ಬಸ್ ನಿಲ್ದಾಣ ಮಂಜೂರು ಮಾಡಿಸಿದ ಶಾಸಕರಿಗೆ ಗ್ರಾಮಸ್ಥರ ಪರವಾಗಿ ಅಭಿನಂದನೆ ಸಲ್ಲಿಸಿದರು. ಈ ಸಂದರ್ಭದಲ್ಲಿ ಗ್ರಾಮ ಪಂಚಾಯಿತಿ ಅಧ್ಯಕ್ಷರು, ಸದಸ್ಯರು, ಸಾರಿಗೆ ಇಲಾಖೆಯ ಅಧಿಕಾರಿಗಳು, ಮುಖಂಡರಾದ ಮಹೇಶ್, ರಂಗಸ್ವಾಮಿ, ಕುಮಾರ್, ಶಿವು ಉಪಸ್ಥಿತರಿದ್ದರು.
ಸಾರ್ವಜನಿಕ ಪ್ರಕಟಣೆ
ಈ ಮೂಲಕ ಸಾರ್ವಜನಿಕರಿಗೆ ತಿಳಿಯಪಡಿಸುವುದೇನೆಂದರೆ, ಚಾಮರಾಜನಗರ ತಾಲೂಕಿನ ಸರ್ವೆ ನಂ. 81/1, 81/2, 81/3, 81/4, 82/1 ರ ಜಮೀನಿಗೆ ಸಂಬಂಧಿಸಿದಂತೆ ಖಾತೆ ಬದಲಾವಣೆಗೆ ಅರ್ಜಿ ಸಲ್ಲಿಸಲಾಗಿದೆ. ಆಕ್ಷೇಪಣೆಗಳಿದ್ದಲ್ಲಿ 7 ದಿನಗಳೊಳಗಾಗಿ ಸಂಪರ್ಕಿಸಬಹುದು. ದಿನಾಂಕ: 17.09.2025. ವಕೀಲರು, ಚಾಮರಾಜನಗರ.
